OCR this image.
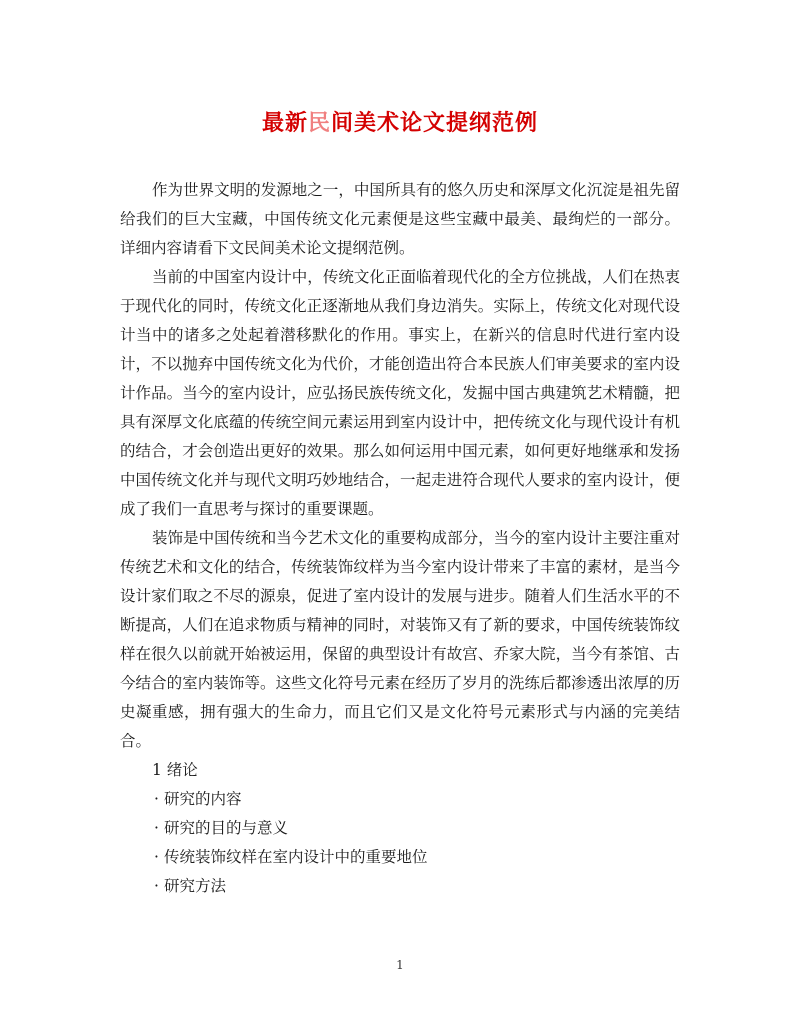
最新民间美术论文提纲范例

作为世界文明的发源地之一，中国所具有的悠久历史和深厚文化沉淀是祖先留给我们的巨大宝藏，中国传统文化元素便是这些宝藏中最美、最绚烂的一部分。 详细内容请看下文民间美术论文提纲范例。

当前的中国室内设计中，传统文化正面临着现代化的全方位挑战，人们在热衷于现代化的同时，传统文化正逐渐地从我们身边消失。实际上，传统文化对现代设计当中的诸多之处起着潜移默化的作用。事实上，在新兴的信息时代进行室内设计，不以抛弃中国传统文化为代价，才能创造出符合本民族人们审美要求的室内设计作品。当今的室内设计，应弘扬民族传统文化，发掘中国古典建筑艺术精髓，把具有深厚文化底蕴的传统空间元素运用到室内设计中，把传统文化与现代设计有机的结合，才会创造出更好的效果。那么如何运用中国元素，如何更好地继承和发扬中国传统文化并与现代文明巧妙地结合，一起走进符合现代人要求的室内设计，便成了我们一直思考与探讨的重要课题。

装饰是中国传统和当今艺术文化的重要构成部分，当今的室内设计主要注重对传统艺术和文化的结合，传统装饰纹样为当今室内设计带来了丰富的素材，是当今设计家们取之不尽的源泉，促进了室内设计的发展与进步。随着人们生活水平的不断提高，人们在追求物质与精神的同时，对装饰又有了新的要求，中国传统装饰纹样在很久以前就开始被运用，保留的典型设计有故宫、乔家大院，当今有茶馆、古今结合的室内装饰等。这些文化符号元素在经历了岁月的洗练后都渗透出浓厚的历史凝重感，拥有强大的生命力，而且它们又是文化符号元素形式与内涵的完美结合。

1 绪论

· 研究的内容
· 研究的目的与意义
· 传统装饰纹样在室内设计中的重要地位
· 研究方法
1
